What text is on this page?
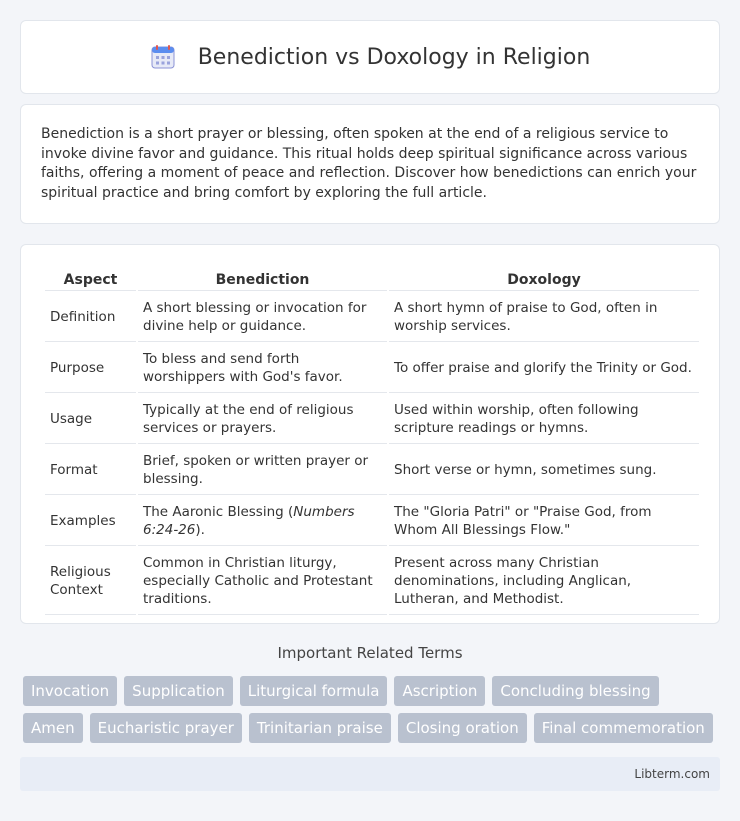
Benediction vs Doxology in Religion

Benediction is a short prayer or blessing, often spoken at the end of a religious service to invoke divine favor and guidance. This ritual holds deep spiritual significance across various faiths, offering a moment of peace and reflection. Discover how benedictions can enrich your spiritual practice and bring comfort by exploring the full article.

Aspect	Benediction	Doxology
Definition	A short blessing or invocation for divine help or guidance.	A short hymn of praise to God, often in worship services.
Purpose	To bless and send forth worshippers with God's favor.	To offer praise and glorify the Trinity or God.
Usage	Typically at the end of religious services or prayers.	Used within worship, often following scripture readings or hymns.
Format	Brief, spoken or written prayer or blessing.	Short verse or hymn, sometimes sung.
Examples	The Aaronic Blessing (Numbers 6:24-26).	The "Gloria Patri" or "Praise God, from Whom All Blessings Flow."
Religious Context	Common in Christian liturgy, especially Catholic and Protestant traditions.	Present across many Christian denominations, including Anglican, Lutheran, and Methodist.
Important Related Terms
Invocation	Supplication	Liturgical formula	Ascription	Concluding blessing
Amen	Eucharistic prayer	Trinitarian praise	Closing oration	Final commemoration
Libterm.com
